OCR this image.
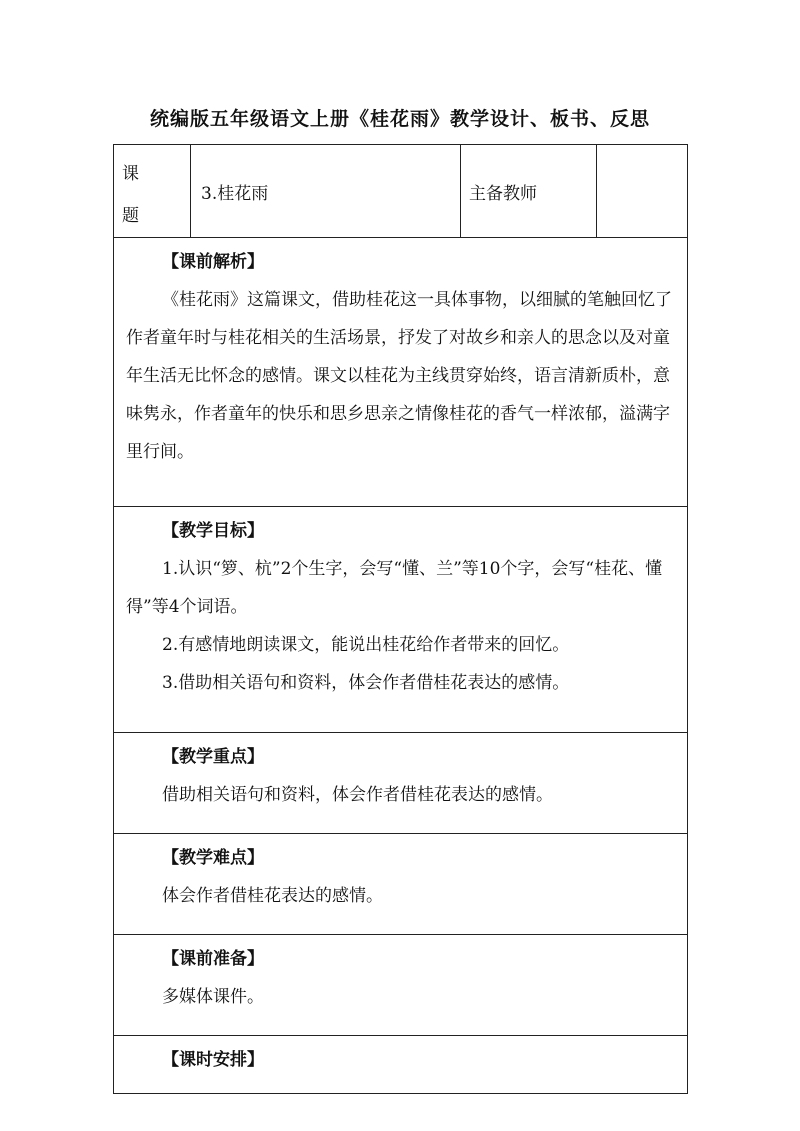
统编版五年级语文上册《桂花雨》教学设计、板书、反思
课
题
	3.桂花雨	主备教师	

【课前解析】

《桂花雨》这篇课文，借助桂花这一具体事物，以细腻的笔触回忆了作者童年时与桂花相关的生活场景，抒发了对故乡和亲人的思念以及对童年生活无比怀念的感情。课文以桂花为主线贯穿始终，语言清新质朴，意味隽永，作者童年的快乐和思乡思亲之情像桂花的香气一样浓郁，溢满字里行间。

【教学目标】

1.认识“箩、杭”2个生字，会写“懂、兰”等10个字，会写“桂花、懂得”等4个词语。

2.有感情地朗读课文，能说出桂花给作者带来的回忆。

3.借助相关语句和资料，体会作者借桂花表达的感情。

【教学重点】

借助相关语句和资料，体会作者借桂花表达的感情。

【教学难点】

体会作者借桂花表达的感情。

【课前准备】

多媒体课件。

【课时安排】
